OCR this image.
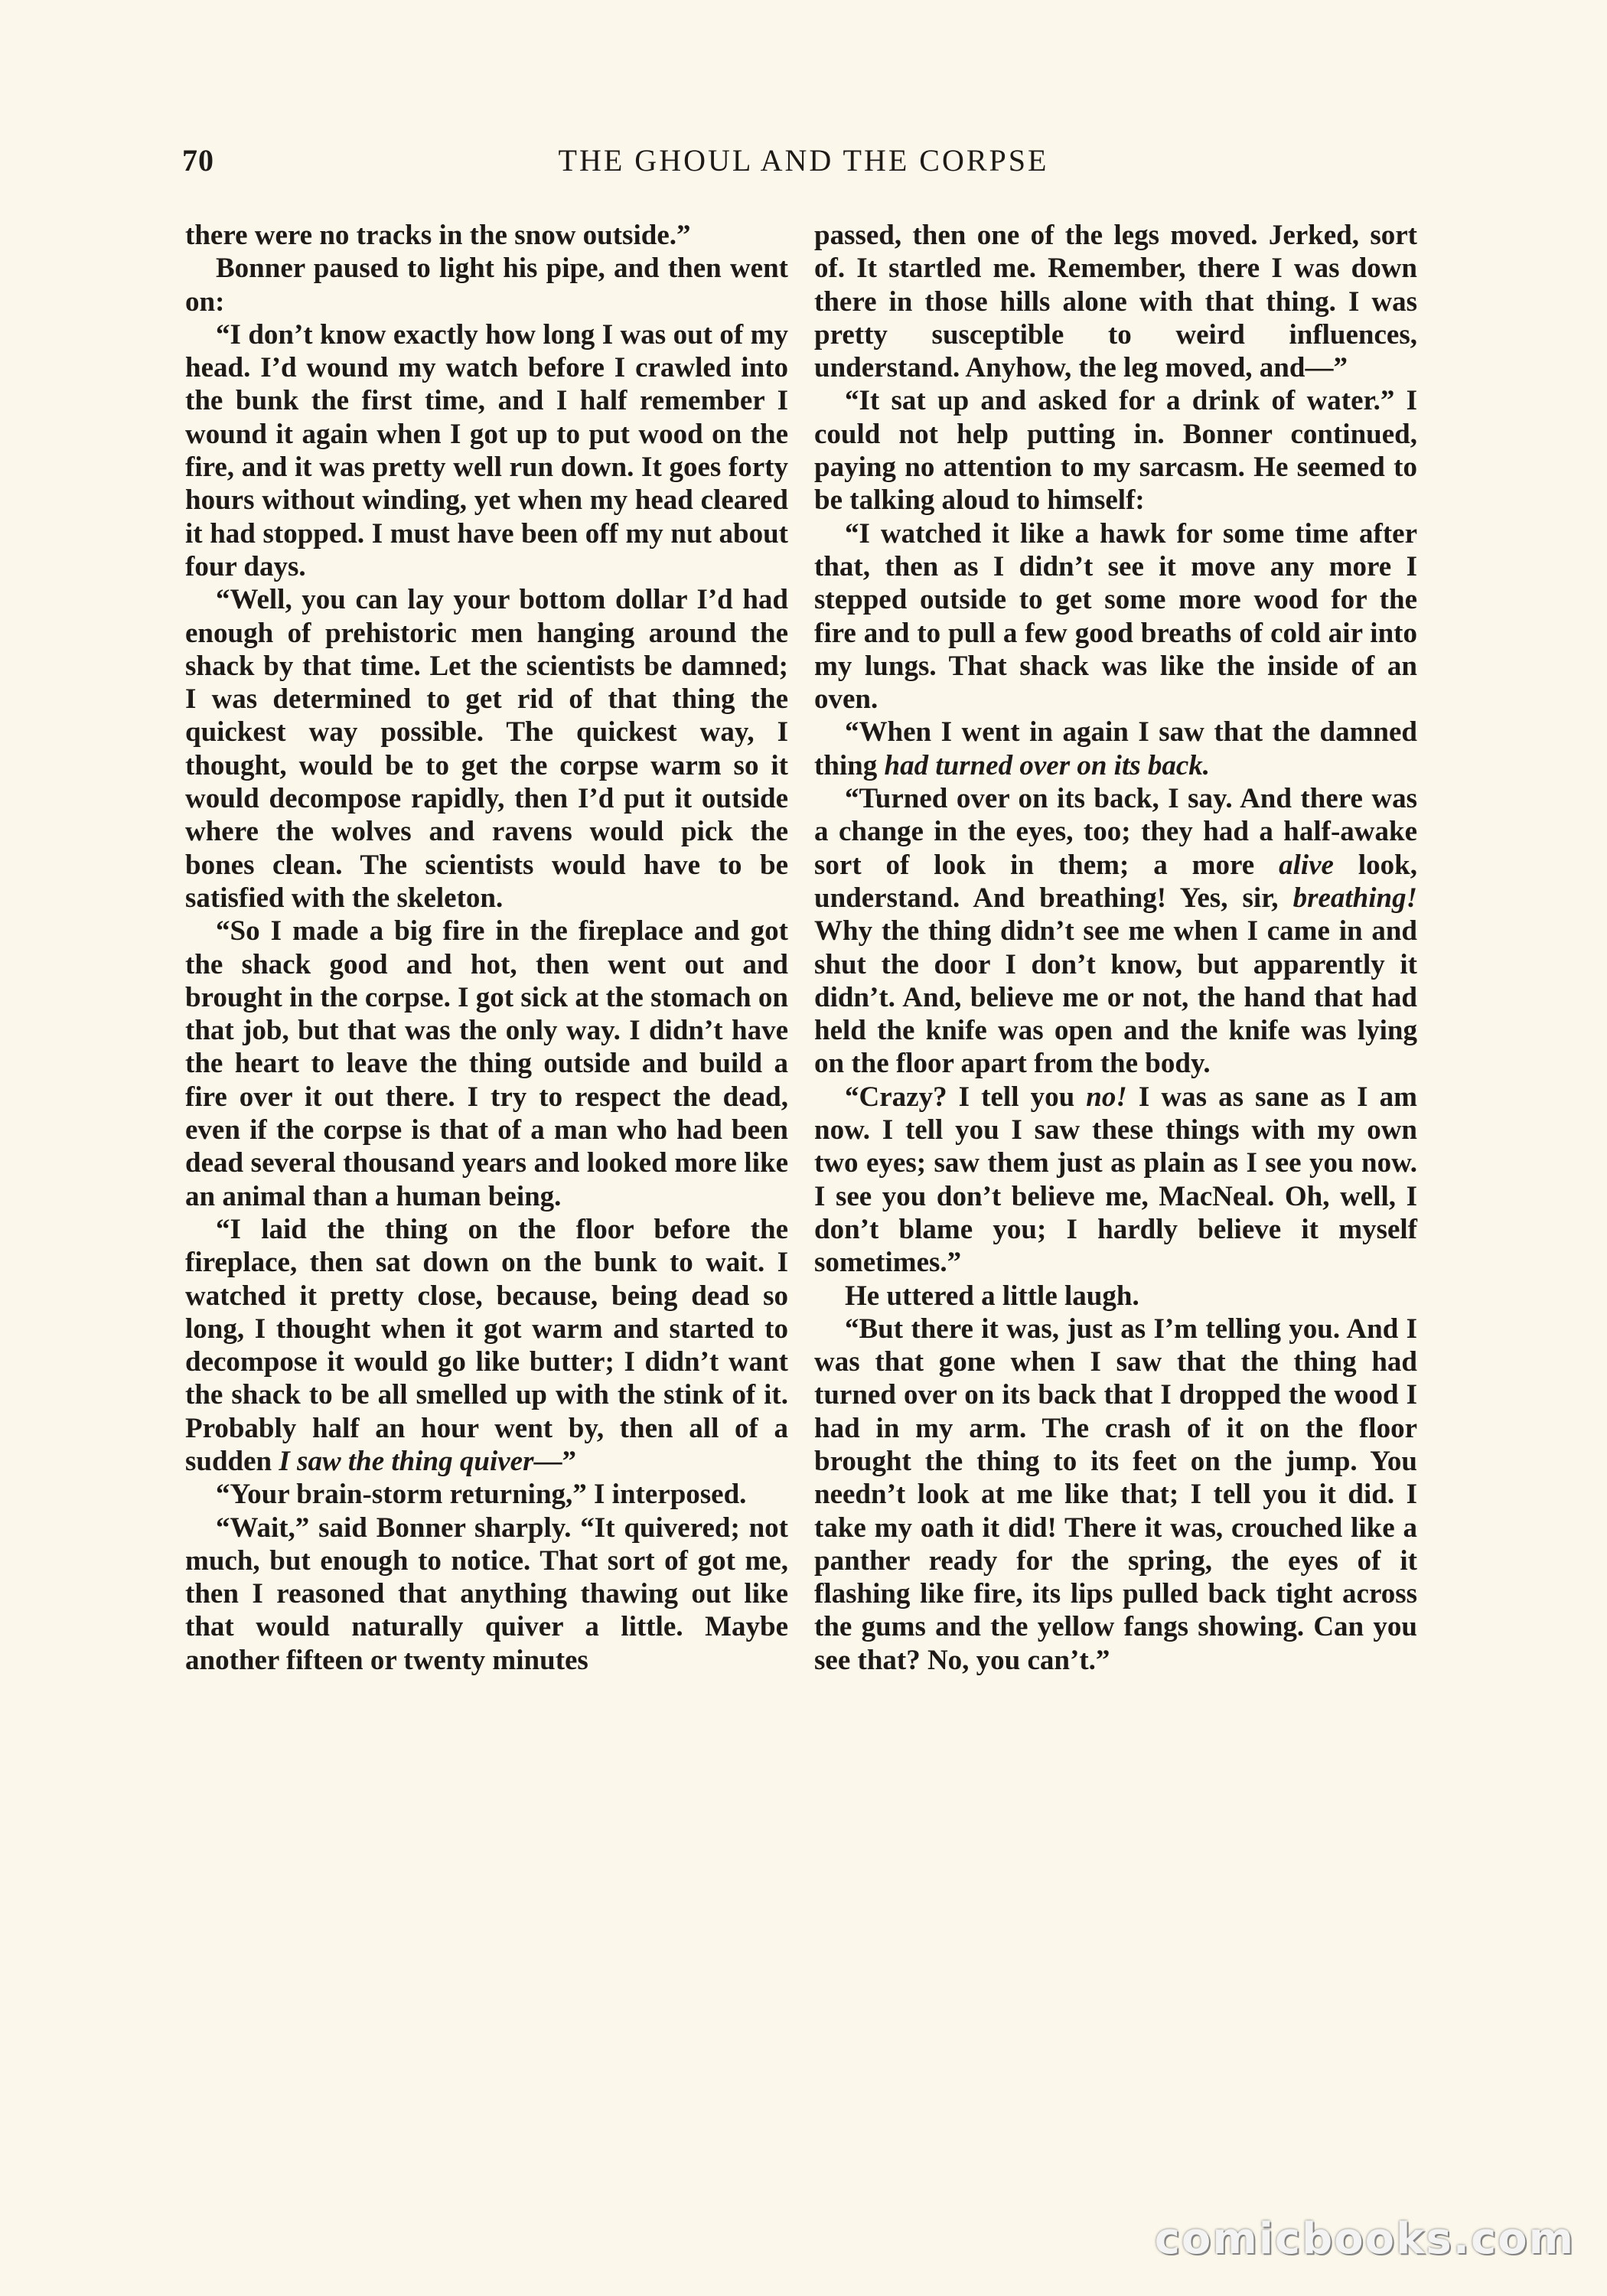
70	THE GHOUL AND THE CORPSE

there were no tracks in the snow outside.”

Bonner paused to light his pipe, and then went on:

“I don’t know exactly how long I was out of my head. I’d wound my watch before I crawled into the bunk the first time, and I half remember I wound it again when I got up to put wood on the fire, and it was pretty well run down. It goes forty hours without winding, yet when my head cleared it had stopped. I must have been off my nut about four days.

“Well, you can lay your bottom dollar I’d had enough of prehistoric men hanging around the shack by that time. Let the scientists be damned; I was determined to get rid of that thing the quickest way possible. The quickest way, I thought, would be to get the corpse warm so it would decompose rapidly, then I’d put it outside where the wolves and ravens would pick the bones clean. The scientists would have to be satisfied with the skeleton.

“So I made a big fire in the fireplace and got the shack good and hot, then went out and brought in the corpse. I got sick at the stomach on that job, but that was the only way. I didn’t have the heart to leave the thing outside and build a fire over it out there. I try to respect the dead, even if the corpse is that of a man who had been dead several thousand years and looked more like an animal than a human being.

“I laid the thing on the floor before the fireplace, then sat down on the bunk to wait. I watched it pretty close, because, being dead so long, I thought when it got warm and started to decompose it would go like butter; I didn’t want the shack to be all smelled up with the stink of it. Probably half an hour went by, then all of a sudden I saw the thing quiver—”

“Your brain-storm returning,” I interposed.

“Wait,” said Bonner sharply. “It quivered; not much, but enough to notice. That sort of got me, then I reasoned that anything thawing out like that would naturally quiver a little. Maybe another fifteen or twenty minutes

passed, then one of the legs moved. Jerked, sort of. It startled me. Remember, there I was down there in those hills alone with that thing. I was pretty susceptible to weird influences, understand. Anyhow, the leg moved, and—”

“It sat up and asked for a drink of water.” I could not help putting in. Bonner continued, paying no attention to my sarcasm. He seemed to be talking aloud to himself:

“I watched it like a hawk for some time after that, then as I didn’t see it move any more I stepped outside to get some more wood for the fire and to pull a few good breaths of cold air into my lungs. That shack was like the inside of an oven.

“When I went in again I saw that the damned thing had turned over on its back.

“Turned over on its back, I say. And there was a change in the eyes, too; they had a half-awake sort of look in them; a more alive look, understand. And breathing! Yes, sir, breathing! Why the thing didn’t see me when I came in and shut the door I don’t know, but apparently it didn’t. And, believe me or not, the hand that had held the knife was open and the knife was lying on the floor apart from the body.

“Crazy? I tell you no! I was as sane as I am now. I tell you I saw these things with my own two eyes; saw them just as plain as I see you now. I see you don’t believe me, MacNeal. Oh, well, I don’t blame you; I hardly believe it myself sometimes.”

He uttered a little laugh.

“But there it was, just as I’m telling you. And I was that gone when I saw that the thing had turned over on its back that I dropped the wood I had in my arm. The crash of it on the floor brought the thing to its feet on the jump. You needn’t look at me like that; I tell you it did. I take my oath it did! There it was, crouched like a panther ready for the spring, the eyes of it flashing like fire, its lips pulled back tight across the gums and the yellow fangs showing. Can you see that? No, you can’t.”

comicbooks.com
